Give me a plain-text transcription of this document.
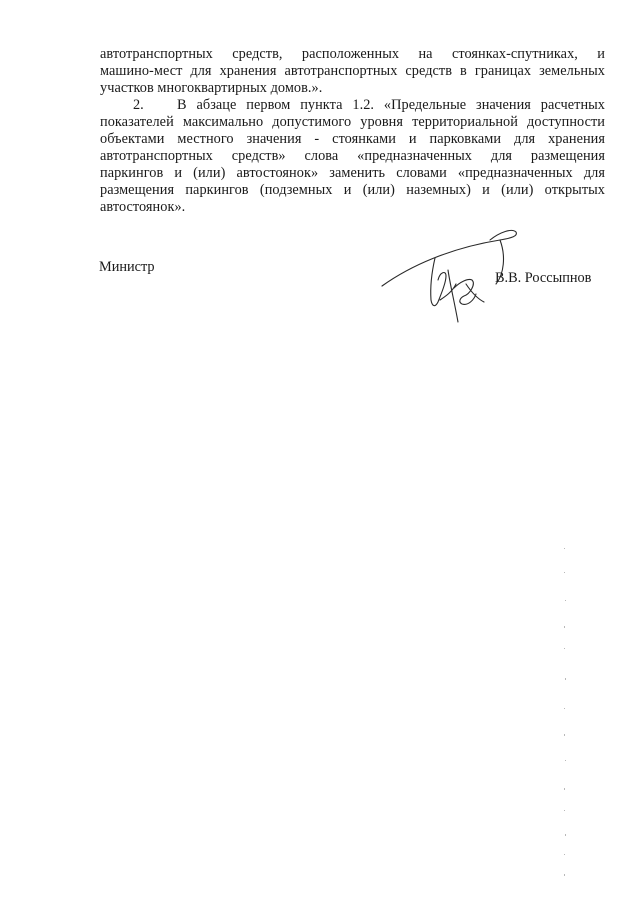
автотранспортных средств, расположенных на стоянках-спутниках, и
машино-мест для хранения автотранспортных средств в границах земельных
участков многоквартирных домов.».
2. В абзаце первом пункта 1.2. «Предельные значения расчетных
показателей максимально допустимого уровня территориальной доступности
объектами местного значения - стоянками и парковками для хранения
автотранспортных средств» слова «предназначенных для размещения
паркингов и (или) автостоянок» заменить словами «предназначенных для
размещения паркингов (подземных и (или) наземных) и (или) открытых
автостоянок».
Министр
В.В. Россыпнов
